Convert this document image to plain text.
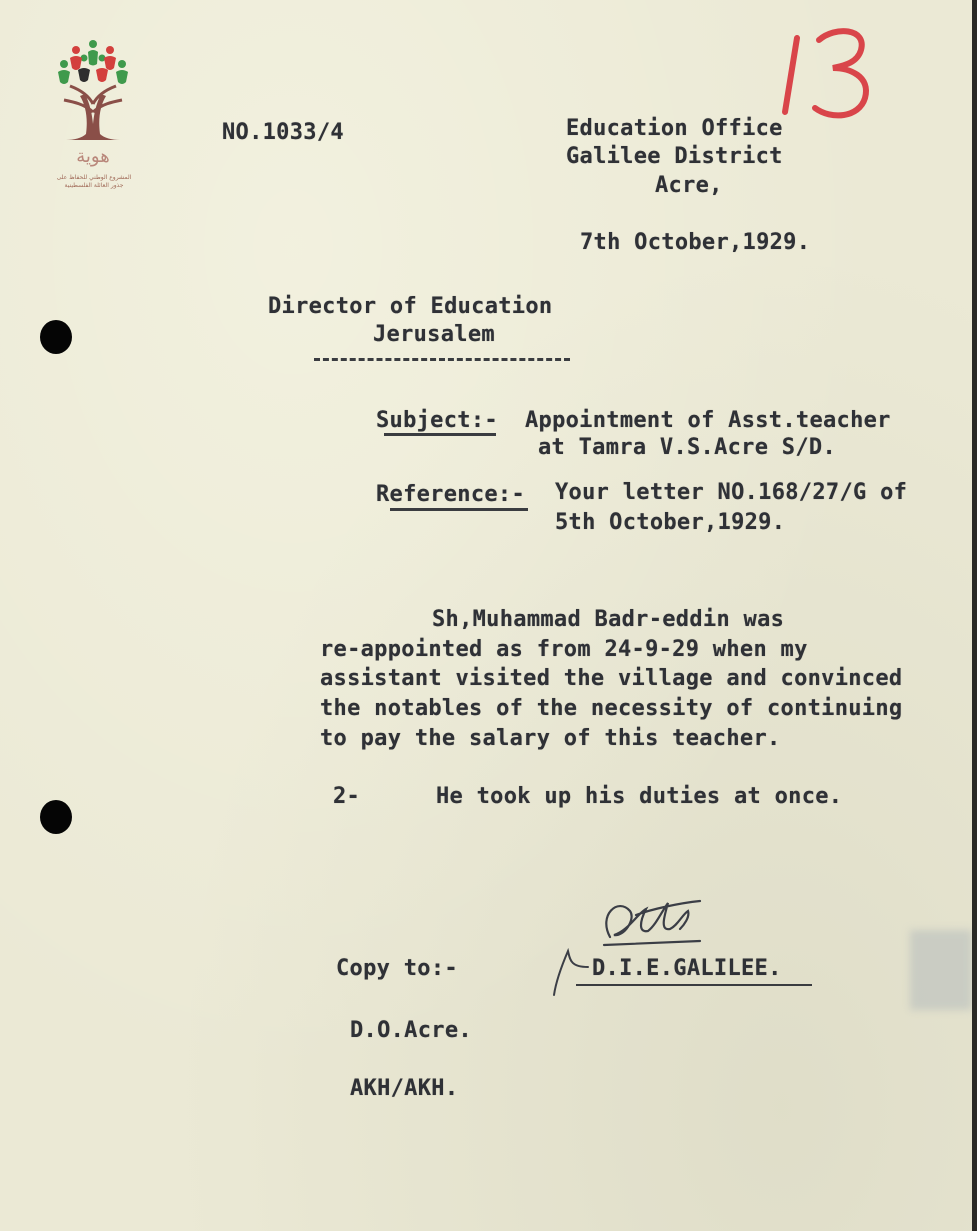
هوية
المشروع الوطني للحفاظ على
جذور العائلة الفلسطينية
NO.1033/4	Education Office
Galilee District
Acre,
7th October,1929.
Director of Education
Jerusalem
Subject:- Appointment of Asst.teacher
at Tamra V.S.Acre S/D.
Reference:- Your letter NO.168/27/G of
5th October,1929.
Sh,Muhammad Badr-eddin was
re-appointed as from 24-9-29 when my
assistant visited the village and convinced
the notables of the necessity of continuing
to pay the salary of this teacher.
2-	He took up his duties at once.
Copy to:-	D.I.E.GALILEE.
D.O.Acre.
AKH/AKH.
